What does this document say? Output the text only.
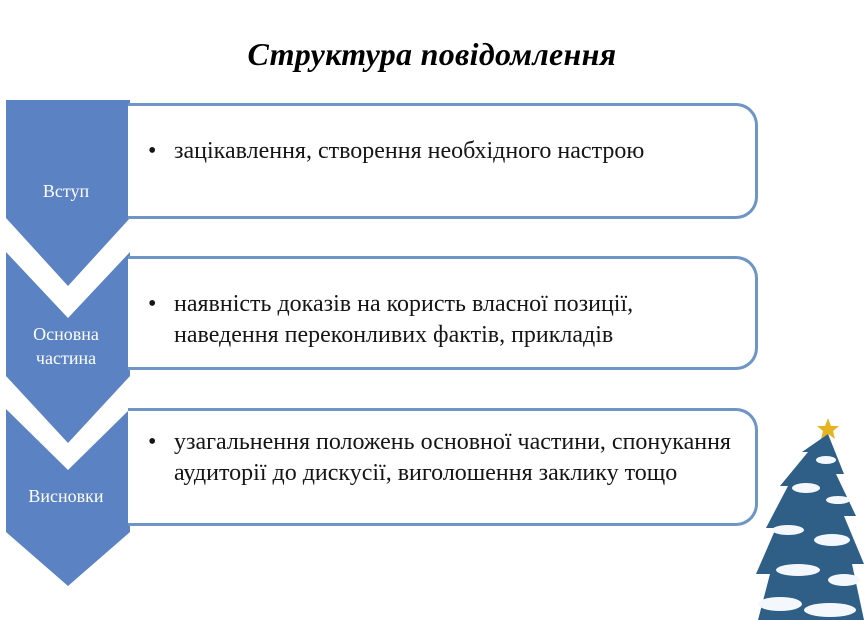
Структура повідомлення
Вступ
Основна частина
Висновки
• зацікавлення, створення необхідного настрою
• наявність доказів на користь власної позиції, наведення переконливих фактів, прикладів
• узагальнення положень основної частини, спонукання аудиторії до дискусії, виголошення заклику тощо
